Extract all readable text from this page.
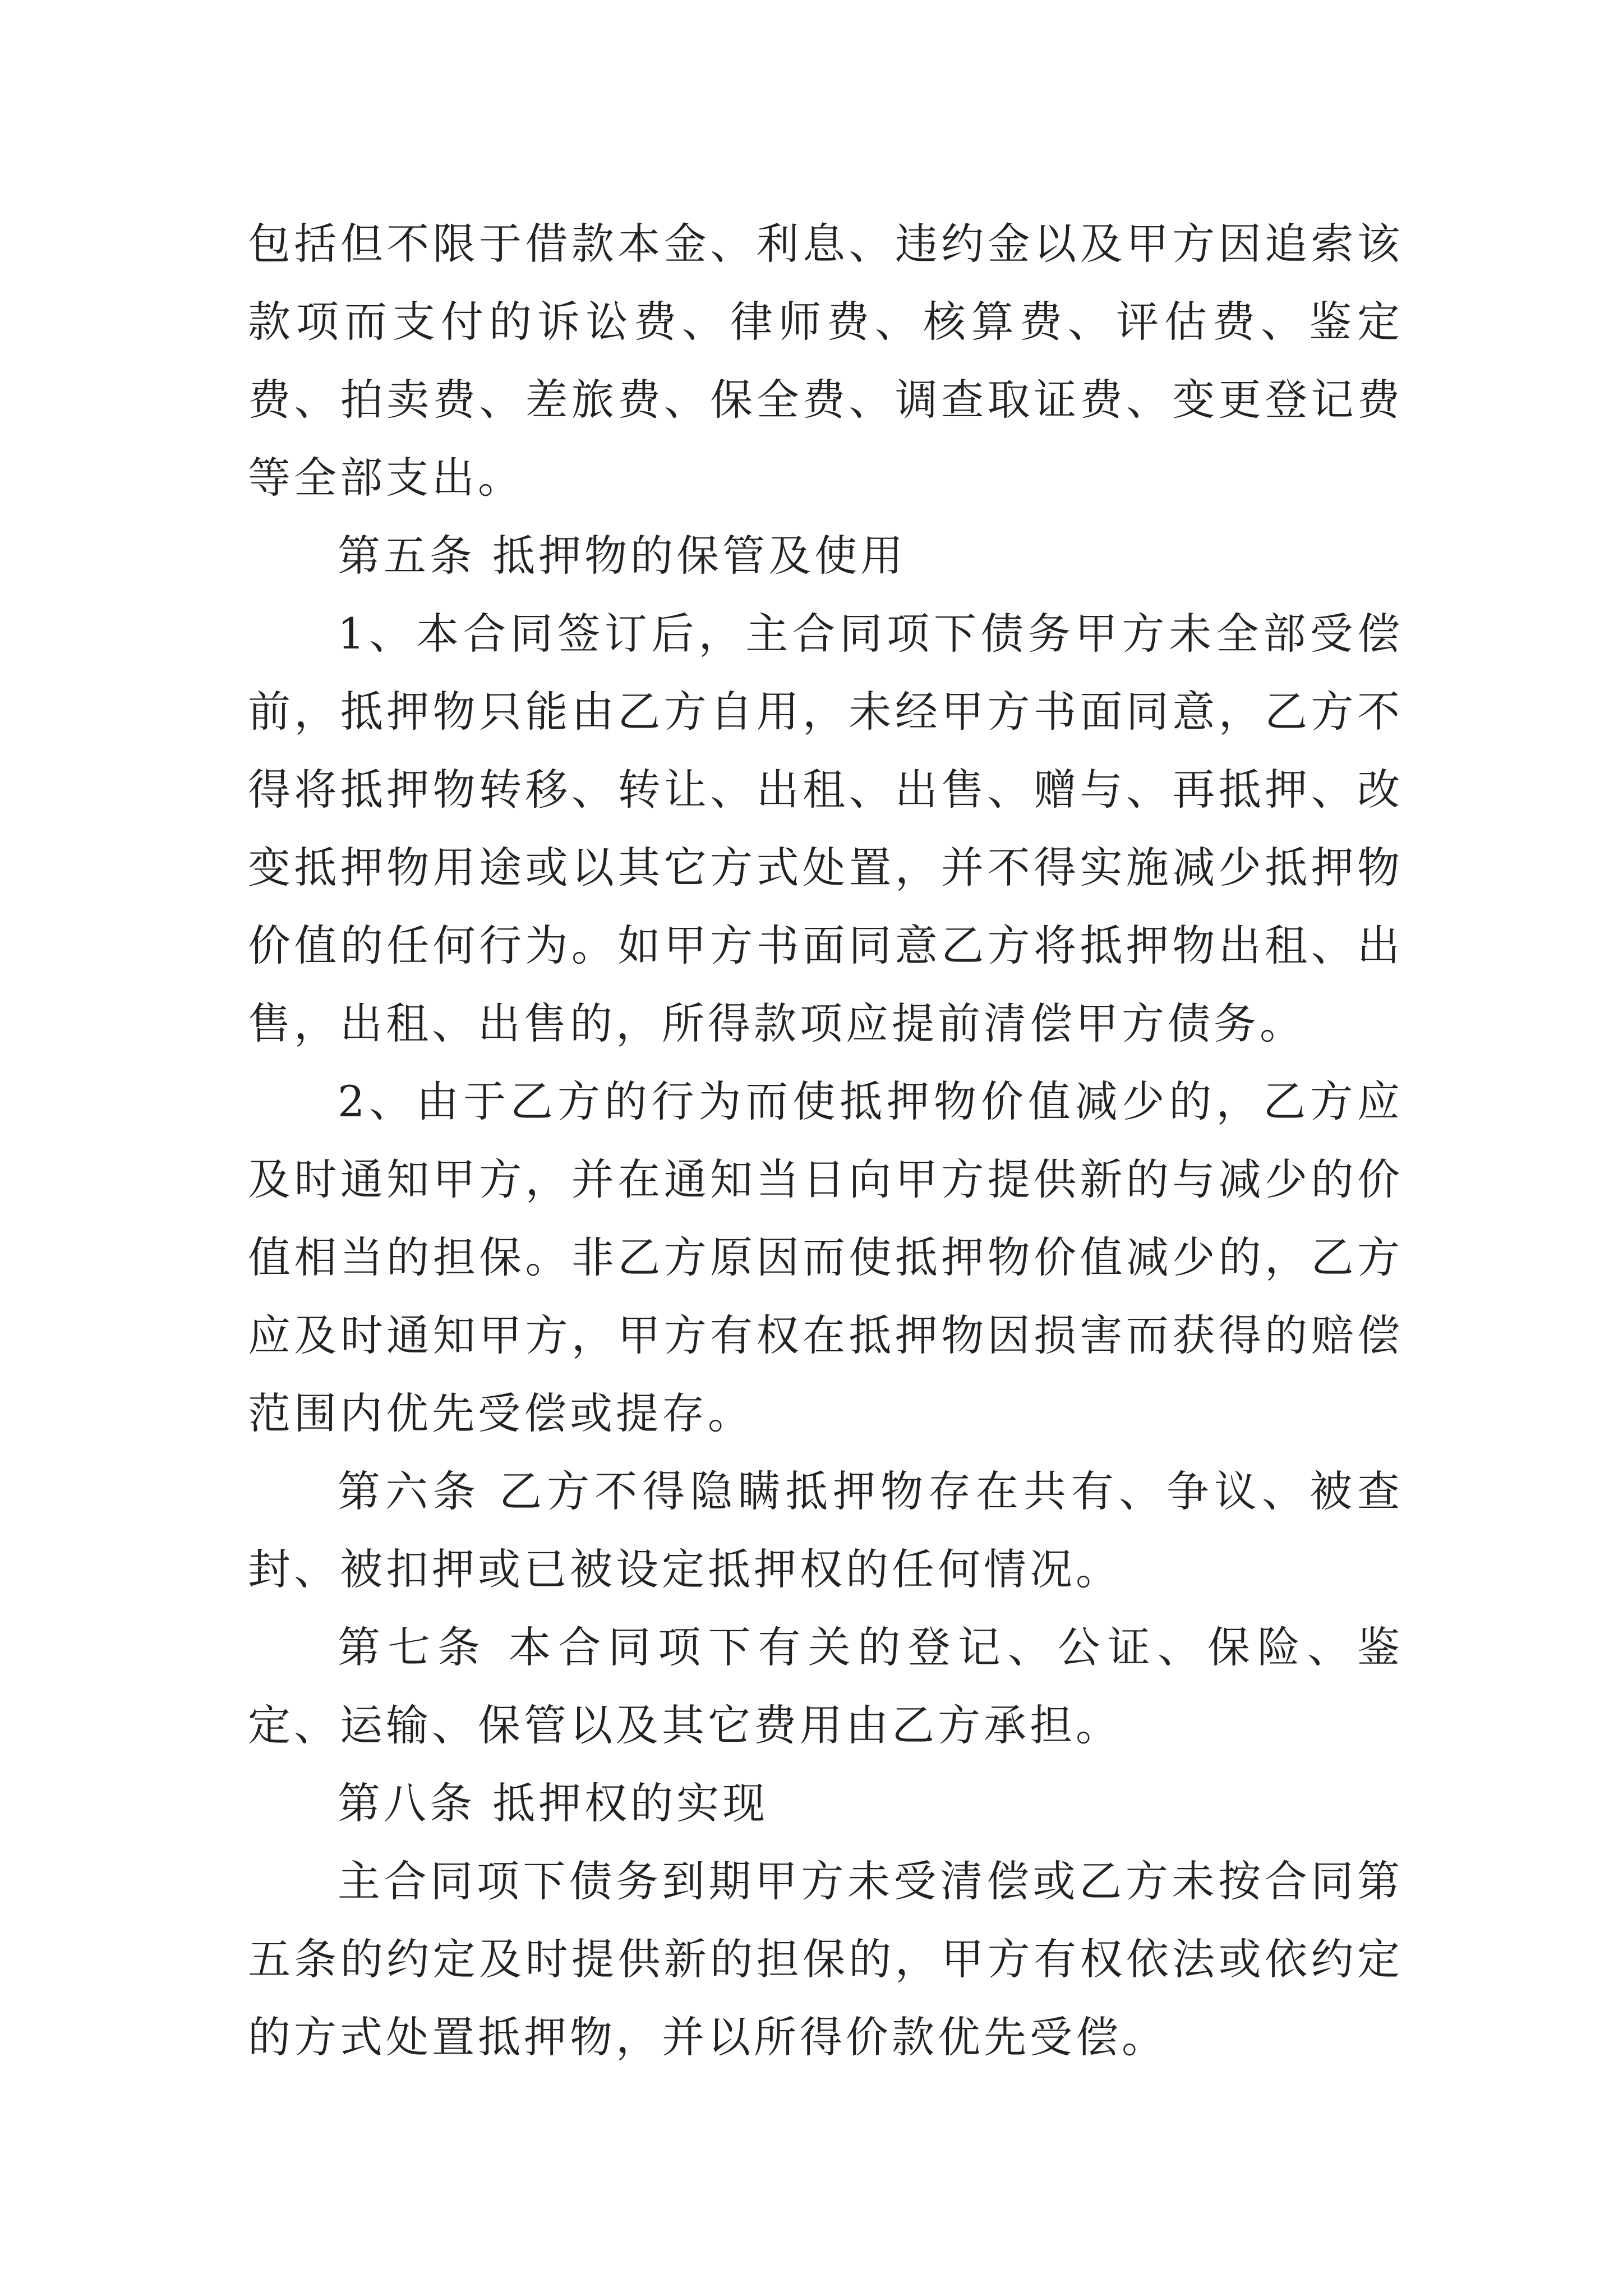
包括但不限于借款本金、利息、违约金以及甲方因追索该款项而支付的诉讼费、律师费、核算费、评估费、鉴定费、拍卖费、差旅费、保全费、调查取证费、变更登记费等全部支出。

第五条 抵押物的保管及使用

1、本合同签订后，主合同项下债务甲方未全部受偿前，抵押物只能由乙方自用，未经甲方书面同意，乙方不得将抵押物转移、转让、出租、出售、赠与、再抵押、改变抵押物用途或以其它方式处置，并不得实施减少抵押物价值的任何行为。如甲方书面同意乙方将抵押物出租、出售，出租、出售的，所得款项应提前清偿甲方债务。

2、由于乙方的行为而使抵押物价值减少的，乙方应及时通知甲方，并在通知当日向甲方提供新的与减少的价值相当的担保。非乙方原因而使抵押物价值减少的，乙方应及时通知甲方，甲方有权在抵押物因损害而获得的赔偿范围内优先受偿或提存。

第六条 乙方不得隐瞒抵押物存在共有、争议、被查封、被扣押或已被设定抵押权的任何情况。

第七条 本合同项下有关的登记、公证、保险、鉴定、运输、保管以及其它费用由乙方承担。

第八条 抵押权的实现

主合同项下债务到期甲方未受清偿或乙方未按合同第五条的约定及时提供新的担保的，甲方有权依法或依约定的方式处置抵押物，并以所得价款优先受偿。
